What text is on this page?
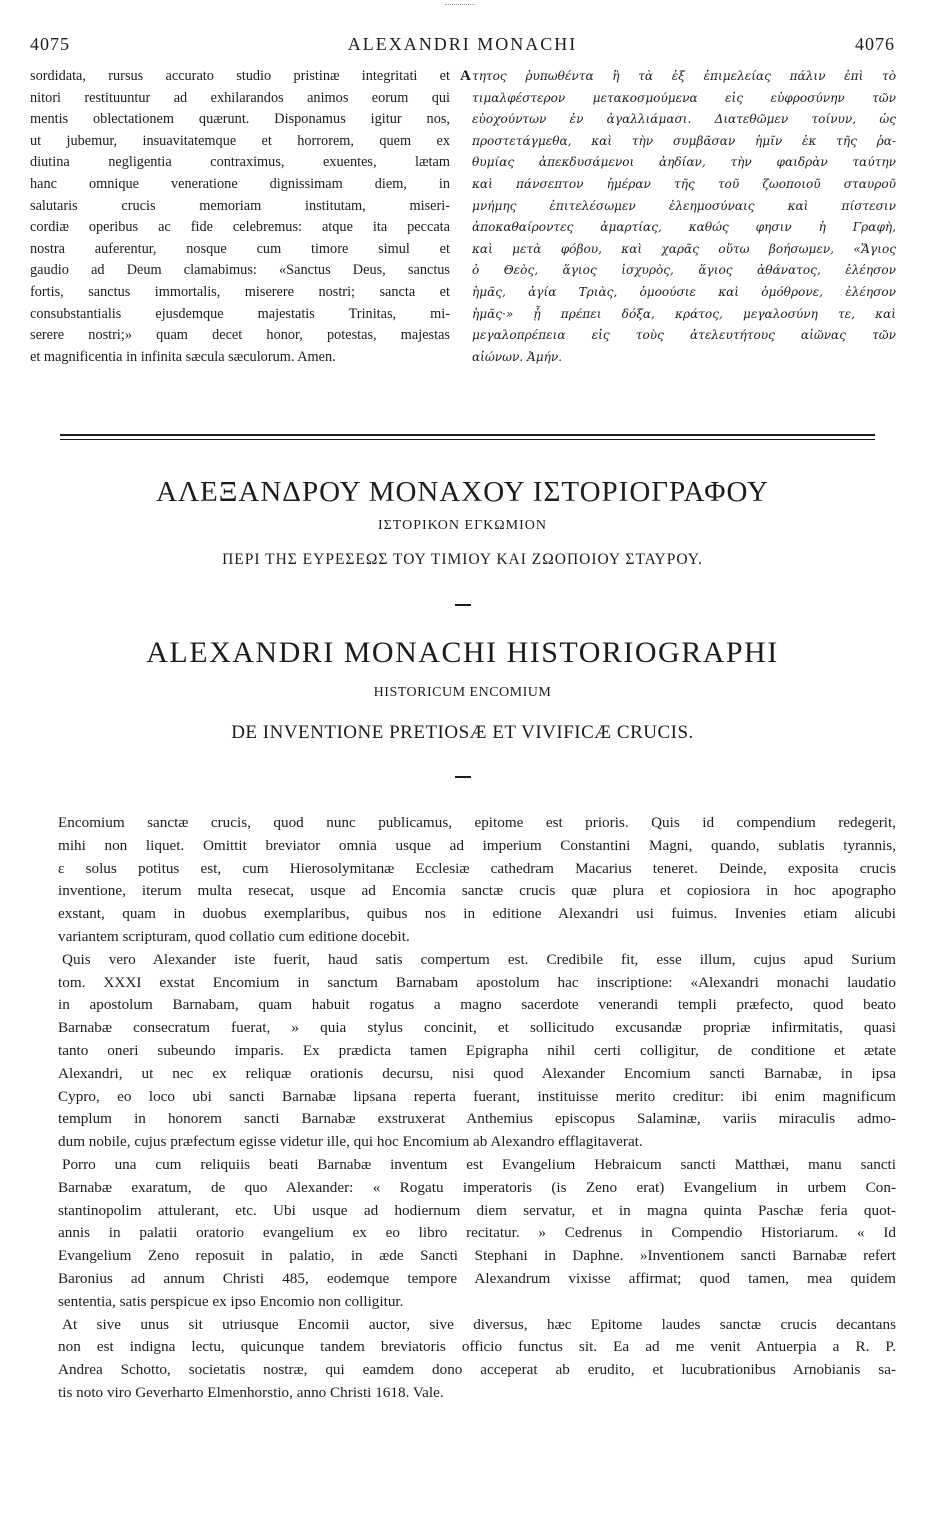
4075	ALEXANDRI MONACHI	4076
sordidata, rursus accurato studio pristinæ integritati et
nitori restituuntur ad exhilarandos animos eorum qui
mentis oblectationem quærunt. Disponamus igitur nos,
ut jubemur, insuavitatemque et horrorem, quem ex
diutina negligentia contraximus, exuentes, lætam
hanc omnique veneratione dignissimam diem, in
salutaris crucis memoriam institutam, miseri-
cordiæ operibus ac fide celebremus: atque ita peccata
nostra auferentur, nosque cum timore simul et
gaudio ad Deum clamabimus: «Sanctus Deus, sanctus
fortis, sanctus immortalis, miserere nostri; sancta et
consubstantialis ejusdemque majestatis Trinitas, mi-
serere nostri;» quam decet honor, potestas, majestas
et magnificentia in infinita sæcula sæculorum. Amen.
A τητος ῥυπωθέντα ἢ τὰ ἐξ ἐπιμελείας πάλιν ἐπὶ τὸ
τιμαλφέστερον μετακοσμούμενα εἰς εὐφροσύνην τῶν
εὐοχούντων ἐν ἀγαλλιάμασι. Διατεθῶμεν τοίνυν, ὡς
προστετάγμεθα, καὶ τὴν συμβᾶσαν ἡμῖν ἐκ τῆς ῥα-
θυμίας ἀπεκδυσάμενοι ἀηδίαν, τὴν φαιδρὰν ταύτην
καὶ πάνσεπτον ἡμέραν τῆς τοῦ ζωοποιοῦ σταυροῦ
μνήμης ἐπιτελέσωμεν ἐλεημοσύναις καὶ πίστεσιν
ἀποκαθαίροντες ἁμαρτίας, καθώς φησιν ἡ Γραφὴ,
καὶ μετὰ φόβου, καὶ χαρᾶς οὕτω βοήσωμεν, «Ἅγιος
ὁ Θεὸς, ἅγιος ἰσχυρὸς, ἅγιος ἀθάνατος, ἐλέησον
ἡμᾶς, ἁγία Τριὰς, ὁμοούσιε καὶ ὁμόθρονε, ἐλέησον
ἡμᾶς·» ᾗ πρέπει δόξα, κράτος, μεγαλοσύνη τε, καὶ
μεγαλοπρέπεια εἰς τοὺς ἀτελευτήτους αἰῶνας τῶν
αἰώνων. Ἀμήν.
ΑΛΕΞΑΝΔΡΟΥ ΜΟΝΑΧΟΥ ΙΣΤΟΡΙΟΓΡΑΦΟΥ
ΙΣΤΟΡΙΚΟΝ ΕΓΚΩΜΙΟΝ
ΠΕΡΙ ΤΗΣ ΕΥΡΕΣΕΩΣ ΤΟΥ ΤΙΜΙΟΥ ΚΑΙ ΖΩΟΠΟΙΟΥ ΣΤΑΥΡΟΥ.
ALEXANDRI MONACHI HISTORIOGRAPHI
HISTORICUM ENCOMIUM
DE INVENTIONE PRETIOSÆ ET VIVIFICÆ CRUCIS.
Encomium sanctæ crucis, quod nunc publicamus, epitome est prioris. Quis id compendium redegerit,
mihi non liquet. Omittit breviator omnia usque ad imperium Constantini Magni, quando, sublatis tyrannis,
ε solus potitus est, cum Hierosolymitanæ Ecclesiæ cathedram Macarius teneret. Deinde, exposita crucis
inventione, iterum multa resecat, usque ad Encomia sanctæ crucis quæ plura et copiosiora in hoc apographo
exstant, quam in duobus exemplaribus, quibus nos in editione Alexandri usi fuimus. Invenies etiam alicubi
variantem scripturam, quod collatio cum editione docebit.
Quis vero Alexander iste fuerit, haud satis compertum est. Credibile fit, esse illum, cujus apud Surium
tom. XXXI exstat Encomium in sanctum Barnabam apostolum hac inscriptione: «Alexandri monachi laudatio
in apostolum Barnabam, quam habuit rogatus a magno sacerdote venerandi templi præfecto, quod beato
Barnabæ consecratum fuerat, » quia stylus concinit, et sollicitudo excusandæ propriæ infirmitatis, quasi
tanto oneri subeundo imparis. Ex prædicta tamen Epigrapha nihil certi colligitur, de conditione et ætate
Alexandri, ut nec ex reliquæ orationis decursu, nisi quod Alexander Encomium sancti Barnabæ, in ipsa
Cypro, eo loco ubi sancti Barnabæ lipsana reperta fuerant, instituisse merito creditur: ibi enim magnificum
templum in honorem sancti Barnabæ exstruxerat Anthemius episcopus Salaminæ, variis miraculis admo-
dum nobile, cujus præfectum egisse videtur ille, qui hoc Encomium ab Alexandro efflagitaverat.
Porro una cum reliquiis beati Barnabæ inventum est Evangelium Hebraicum sancti Matthæi, manu sancti
Barnabæ exaratum, de quo Alexander: « Rogatu imperatoris (is Zeno erat) Evangelium in urbem Con-
stantinopolim attulerant, etc. Ubi usque ad hodiernum diem servatur, et in magna quinta Paschæ feria quot-
annis in palatii oratorio evangelium ex eo libro recitatur. » Cedrenus in Compendio Historiarum. « Id
Evangelium Zeno reposuit in palatio, in æde Sancti Stephani in Daphne. »Inventionem sancti Barnabæ refert
Baronius ad annum Christi 485, eodemque tempore Alexandrum vixisse affirmat; quod tamen, mea quidem
sententia, satis perspicue ex ipso Encomio non colligitur.
At sive unus sit utriusque Encomii auctor, sive diversus, hæc Epitome laudes sanctæ crucis decantans
non est indigna lectu, quicunque tandem breviatoris officio functus sit. Ea ad me venit Antuerpia a R. P.
Andrea Schotto, societatis nostræ, qui eamdem dono acceperat ab erudito, et lucubrationibus Arnobianis sa-
tis noto viro Geverharto Elmenhorstio, anno Christi 1618. Vale.
